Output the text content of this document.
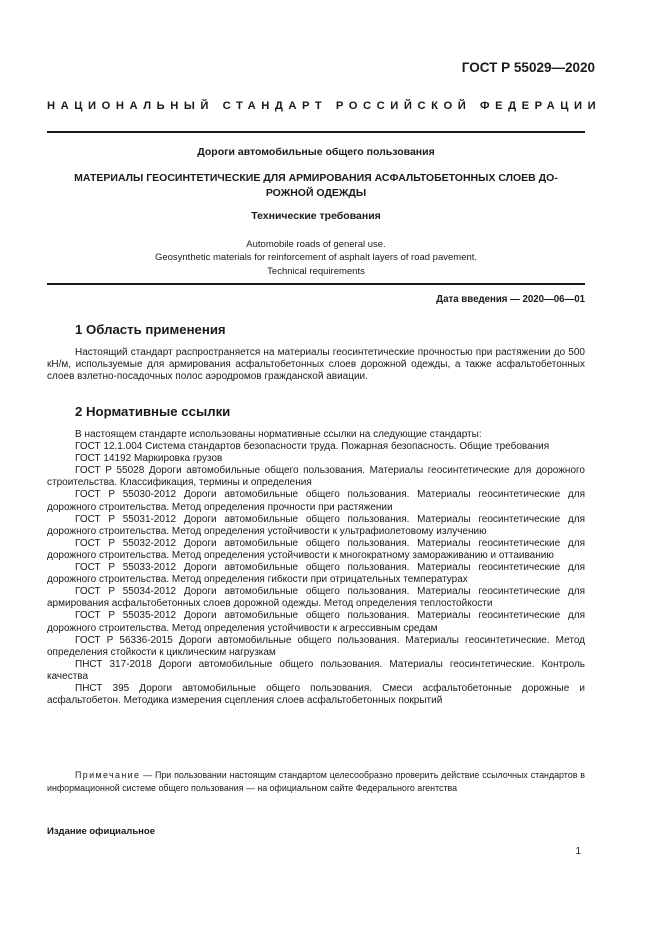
ГОСТ Р 55029—2020
НАЦИОНАЛЬНЫЙ СТАНДАРТ РОССИЙСКОЙ ФЕДЕРАЦИИ
Дороги автомобильные общего пользования
МАТЕРИАЛЫ ГЕОСИНТЕТИЧЕСКИЕ ДЛЯ АРМИРОВАНИЯ АСФАЛЬТОБЕТОННЫХ СЛОЕВ ДО-
РОЖНОЙ ОДЕЖДЫ
Технические требования
Automobile roads of general use.
Geosynthetic materials for reinforcement of asphalt layers of road pavement.
Technical requirements
Дата введения — 2020—06—01
1 Область применения

Настоящий стандарт распространяется на материалы геосинтетические прочностью при растяжении до 500 кН/м, используемые для армирования асфальтобетонных слоев дорожной одежды, а также асфальтобетонных слоев взлетно-посадочных полос аэродромов гражданской авиации.

2 Нормативные ссылки

В настоящем стандарте использованы нормативные ссылки на следующие стандарты:

ГОСТ 12.1.004 Система стандартов безопасности труда. Пожарная безопасность. Общие требования

ГОСТ 14192 Маркировка грузов

ГОСТ Р 55028 Дороги автомобильные общего пользования. Материалы геосинтетические для дорожного строительства. Классификация, термины и определения

ГОСТ Р 55030-2012 Дороги автомобильные общего пользования. Материалы геосинтетические для дорожного строительства. Метод определения прочности при растяжении

ГОСТ Р 55031-2012 Дороги автомобильные общего пользования. Материалы геосинтетические для дорожного строительства. Метод определения устойчивости к ультрафиолетовому излучению

ГОСТ Р 55032-2012 Дороги автомобильные общего пользования. Материалы геосинтетические для дорожного строительства. Метод определения устойчивости к многократному замораживанию и оттаиванию

ГОСТ Р 55033-2012 Дороги автомобильные общего пользования. Материалы геосинтетические для дорожного строительства. Метод определения гибкости при отрицательных температурах

ГОСТ Р 55034-2012 Дороги автомобильные общего пользования. Материалы геосинтетические для армирования асфальтобетонных слоев дорожной одежды. Метод определения теплостойкости

ГОСТ Р 55035-2012 Дороги автомобильные общего пользования. Материалы геосинтетические для дорожного строительства. Метод определения устойчивости к агрессивным средам

ГОСТ Р 56336-2015 Дороги автомобильные общего пользования. Материалы геосинтетические. Метод определения стойкости к циклическим нагрузкам

ПНСТ 317-2018 Дороги автомобильные общего пользования. Материалы геосинтетические. Контроль качества

ПНСТ 395 Дороги автомобильные общего пользования. Смеси асфальтобетонные дорожные и асфальтобетон. Методика измерения сцепления слоев асфальтобетонных покрытий

Примечание — При пользовании настоящим стандартом целесообразно проверить действие ссылочных стандартов в информационной системе общего пользования — на официальном сайте Федерального агентства
Издание официальное
1
